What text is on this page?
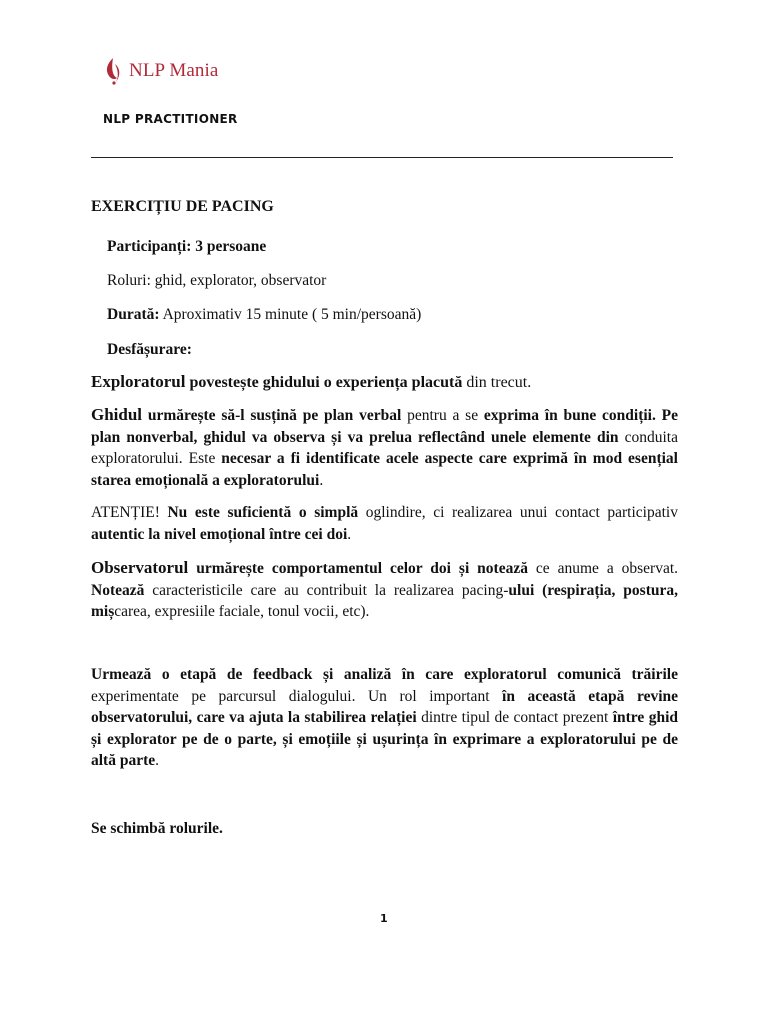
NLP Mania
NLP PRACTITIONER
EXERCIȚIU DE PACING
Participanți: 3 persoane
Roluri: ghid, explorator, observator
Durată: Aproximativ 15 minute ( 5 min/persoană)
Desfășurare:
Exploratorul povestește ghidului o experiența placută din trecut.
Ghidul urmărește să-l susțină pe plan verbal pentru a se exprima în bune condiții. Pe plan nonverbal, ghidul va observa și va prelua reflectând unele elemente din conduita exploratorului. Este necesar a fi identificate acele aspecte care exprimă în mod esențial starea emoțională a exploratorului.
ATENȚIE! Nu este suficientă o simplă oglindire, ci realizarea unui contact participativ autentic la nivel emoțional între cei doi.
Observatorul urmărește comportamentul celor doi și notează ce anume a observat. Notează caracteristicile care au contribuit la realizarea pacing-ului (respirația, postura, mișcarea, expresiile faciale, tonul vocii, etc).
Urmează o etapă de feedback și analiză în care exploratorul comunică trăirile experimentate pe parcursul dialogului. Un rol important în această etapă revine observatorului, care va ajuta la stabilirea relației dintre tipul de contact prezent între ghid și explorator pe de o parte, și emoțiile și ușurința în exprimare a exploratorului pe de altă parte.
Se schimbă rolurile.
1
